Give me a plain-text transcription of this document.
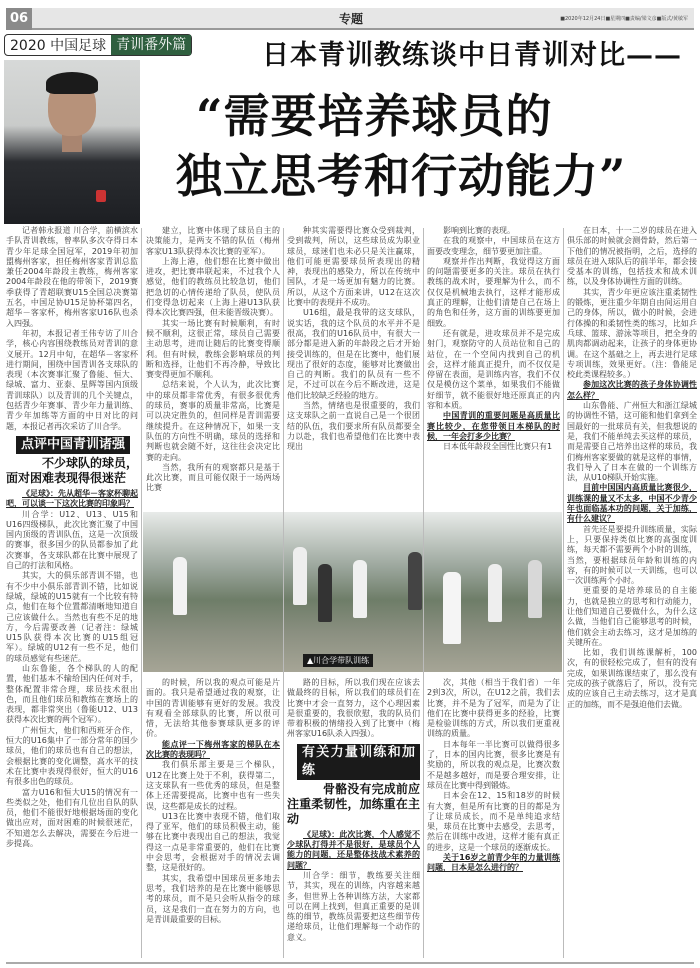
06	专题	■2020年12月24日■星期四■责编/梁文彦■版式/黄敏军
2020 中国足球 青训番外篇	日本青训教练谈中日青训对比——
“需要培养球员的
独立思考和行动能力”
▲川合学带队训练

记者韩永报道 川合学，前横滨水手队青训教练，曾率队多次夺得日本青少年足球全国冠军，2019年初加盟梅州客家，担任梅州客家青训总监兼任2004年龄段主教练，梅州客家2004年龄段在他的带领下，2019赛季获得了青超联赛U15全国总决赛第五名，中国足协U15足协杯第四名，超华－客家杯，梅州客家U16队也杀入四强。

年初，本报记者王伟专访了川合学，核心内容围绕教练员对青训的意义展开。12月中旬，在超华－客家杯进行期间，围绕中国青训各支球队的表现（本次赛事汇聚了鲁能、恒大、绿城、富力、亚泰、星辉等国内顶级青训球队）以及青训的几个关键点，包括青少年赛事、青少年力量训练、青少年加练等方面的中日对比的问题，本报记者再次采访了川合学。

点评中国青训诸强

不少球队的球员，面对困难表现得很迷茫

《足球》：先从超华－客家杯聊起吧，可以谈一下这次比赛的印象吗？

川合学：U12、U13、U15和U16四级梯队，此次比赛汇聚了中国国内顶级的青训队伍，这是一次顶级的赛事，很多国少的队员都参加了此次赛事，各支球队都在比赛中展现了自己的打法和风格。

其实，大的俱乐部青训不错，也有不少中小俱乐部青训不错，比如说绿城，绿城的U15就有一个比较有特点，他们在每个位置都清晰地知道自己应该做什么。当然也有些不足的地方，今后需要改善（记者注：绿城U15队获得本次比赛的U15组冠军）。绿城的U12有一些不足，他们的球员感觉有些迷茫。

山东鲁能，各个梯队的人的配置，他们基本不输给国内任何对手，整体配置非常合理，球员技术很出色，而且他们球员和教练在赛场上的表现，都非常突出（鲁能U12、U13获得本次比赛的两个冠军）。

广州恒大，他们和西班牙合作，恒大的U16集中了一部分常年的国少球员，他们的球员也有自己的想法，会根据比赛的变化调整，高水平的技术在比赛中表现得很好，恒大的U16有很多出色的球员。

富力U16和恒大U15的情况有一些类似之处，他们有几位出自队的队员，他们不能很好地根据场面的变化做出应对，面对困难的时候很迷茫，不知道怎么去解决，需要在今后进一步提高。

建立，比赛中体现了球员自主的决策能力，是两支不错的队伍（梅州客家U13队获得本次比赛的亚军）。

上海上港，他们想在比赛中做出进攻，把比赛串联起来，不过我个人感觉，他们的教练员比较急切，他们把急切的心情传递给了队员，使队员们变得急切起来（上海上港U13队获得本次比赛四强，但未能晋级决赛）。

其实一场比赛有时候顺利，有时候不顺利，这很正常，球员自己需要主动思考，进而让随后的比赛变得顺利。但有时候，教练会影响球员的判断和选择，让他们不再冷静，导致比赛变得更加不顺利。

总结来说，个人认为，此次比赛中的球员都非常优秀，有很多很优秀的球员，赛事的质量非常高，比赛是可以决定胜负的，但同样是青训需要继续提升。在这种情况下，如果一支队伍的方向性不明确，球员的选择和判断也就会随不好，这往往会决定比赛的走向。

当然，我所有的观察都只是基于此次比赛，而且可能仅限于一场两场比赛

种其实需要得比赛众受到裁判，受到裁判，所以，这些球员成为职业球员，球迷们也未必只是关注赢球，他们可能更需要球员所表现出的精神，表现出的感染力，所以在传统中国队，才是一场更加有魅力的比赛。所以，从这个方面来讲，U12在这次比赛中的表现并不成功。

U16组，最是我带的这支球队，说实话，我的这个队员的水平并不是很高，我们的U16队员中，有很大一部分都是进入新的年龄段之后才开始接受训练的，但是在比赛中，他们展现出了很好的态度，能够对比赛做出自己的判断。我们的队员有一些不足，不过可以在今后不断改进，这是他们比较缺乏经验的地方。

当然，情绪也是很重要的，我们这支球队之前一直说自己是一个很团结的队伍，我们要求所有队员都要全力以赴，我们也希望他们在比赛中表现出

影响到比赛的表现。

在我的观察中，中国球员在这方面要改变理念，细节要更加注重。

观察并作出判断，我觉得这方面的问题需要更多的关注。球员在执行教练的战术时，要理解为什么，而不仅仅是机械地去执行，这样才能形成真正的理解，让他们清楚自己在场上的角色和任务，这方面的训练要更加细致。

还有就是，进攻球员并不是完成射门，观察防守的人员站位和自己的站位，在一个空间内找到自己的机会，这样才能真正提升，而不仅仅是停留在表面，是训练内容，我们不仅仅是模仿这个菜单，如果我们不能做好细节，就不能很好地还原真正的内容和本质。

中国青训的重要问题是高质量比赛比较少，在您带领日本梯队的时候，一年会打多少比赛？

日本低年龄段全国性比赛只有1

在日本，十一二岁的球员在进入俱乐部的时候就会测骨龄，然后第一下他们的情况被指明，之后，选择的球员在进入球队后的前半年，都会接受基本的训练，包括技术和战术训练，以及身体协调性方面的训练。

其实，青少年更应该注重柔韧性的锻炼，更注重少年期自由间运用自己的身体，所以，做小的时候，会进行体操的和柔韧性类的练习，比如乒乓球、篮球、游泳等项目，把全身的肌肉都调动起来，让孩子的身体更协调。在这个基础之上，再去进行足球专项训练，效果更好。（注：鲁能足校此类课程较多。）

参加这次比赛的孩子身体协调性怎么样？

山东鲁能、广州恒大和浙江绿城的协调性不错，这可能和他们拿到全国最好的一批球员有关，但我想说的是，我们不能单纯去买这样的球员，而是需要自己培养出这样的球员，我们梅州客家要做的就是这样的事情，我们导入了日本在做的一个训练方法，从U10梯队开始实施。

目前中国国内高质量比赛很少，训练课的量又不太多，中国不少青少年也面临基本功的问题，关于加练，有什么建议？

首先还是要提升训练质量，实际上，只要保持类似比赛的高强度训练，每天都不需要两个小时的训练，当然，要根据球员年龄和训练的内容，有的时候可以一天训练，也可以一次训练两个小时。

更重要的是培养球员的自主能力，也就是独立的思考和行动能力，让他们知道自己要做什么，为什么这么做，当他们自己能够思考的时候，他们就会主动去练习，这才是加练的关键所在。

比如，我们训练课解析，100次，有的很轻松完成了，但有的没有完成，如果训练课结束了，那么没有完成的孩子就落后了，所以，没有完成的应该自己主动去练习，这才是真正的加练，而不是强迫他们去做。

的时候，所以我的观点可能是片面的。我只是希望通过我的观察，让中国的青训能够有更好的发展。我没有观看全部球队的比赛，所以很可惜，无法给其他参赛球队更多的评价。

能点评一下梅州客家的梯队在本次比赛的表现吗？

我们俱乐部主要是三个梯队，U12在比赛上处于不利，获得第二，这支球队有一些优秀的球员，但是整体上还需要提高，比赛中也有一些失误，这些都是成长的过程。

U13在比赛中表现不错，他们取得了亚军，他们的球员积极主动，能够在比赛中表现出自己的想法，我觉得这一点是非常重要的，他们在比赛中会思考，会根据对手的情况去调整，这是很好的。

其实，我希望中国球员更多地去思考，我们培养的是在比赛中能够思考的球员，而不是只会听从指令的球员，这是我们一直在努力的方向，也是青训最重要的目标。

路的目标，所以我们现在应该去做最终的目标，所以我们的球员们在比赛中才会一直努力，这个心理因素是很重要的，我很欣慰，我的队员们带着积极的情绪投入到了比赛中（梅州客家U16队杀入四强）。

有关力量训练和加练

骨骼没有完成前应注重柔韧性，加练重在主动

《足球》：此次比赛，个人感觉不少球队打得并不是很好，是球员个人能力的问题，还是整体技战术素养的问题？

川合学：细节，教练要关注细节，其实，现在的训练，内容越来越多，但世界上各种训练方法，大家都可以在网上找到，但真正重要的是训练的细节，教练员需要把这些细节传递给球员，让他们理解每一个动作的意义。

次，其他（相当于我们省）一年2到3次，所以，在U12之前，我们去比赛，并不是为了冠军，而是为了让他们在比赛中获得更多的经验，比赛是检验训练的方式，所以我们更重视训练的质量。

日本每年一半比赛可以做得很多了，日本的国内比赛，很多比赛是有奖励的，所以我的观点是，比赛次数不是越多越好，而是要合理安排，让球员在比赛中得到锻炼。

日本会在12、15和18岁的时候有大赛，但是所有比赛的目的都是为了让球员成长，而不是单纯追求结果，球员在比赛中去感受，去思考，然后在训练中改进，这样才能有真正的进步，这是一个球员的逐渐成长。

关于16岁之前青少年的力量训练问题，日本是怎么进行的？
